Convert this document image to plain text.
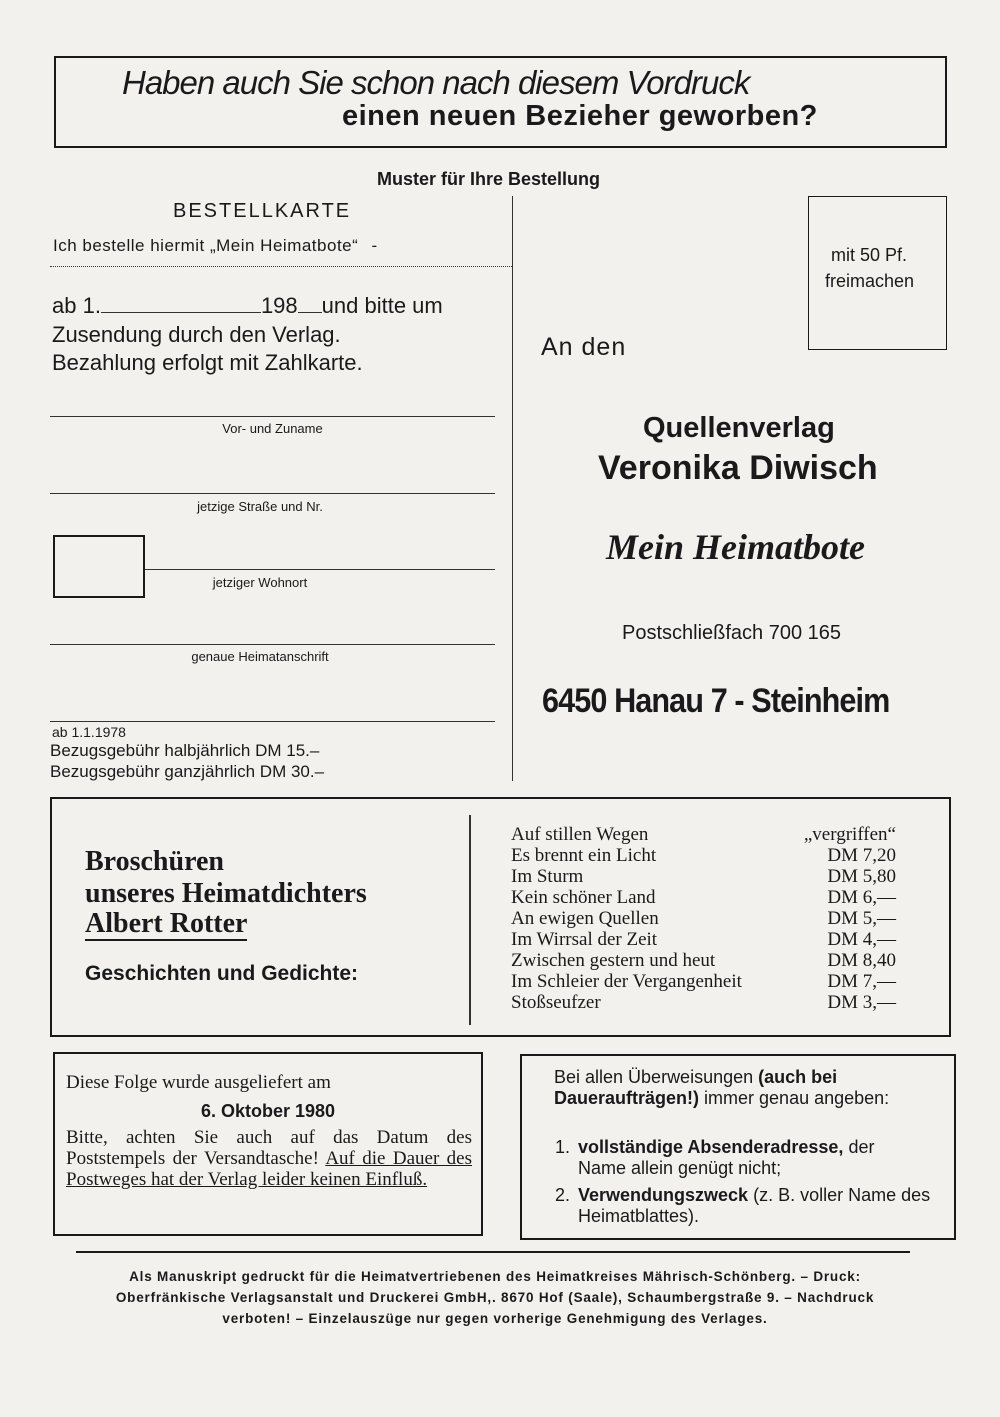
Haben auch Sie schon nach diesem Vordruck
einen neuen Bezieher geworben?
Muster für Ihre Bestellung
BESTELLKARTE
Ich bestelle hiermit „Mein Heimatbote“ -
ab 1.	198 und bitte um
Zusendung durch den Verlag.
Bezahlung erfolgt mit Zahlkarte.
Vor- und Zuname
jetzige Straße und Nr.
jetziger Wohnort
genaue Heimatanschrift
ab 1.1.1978
Bezugsgebühr halbjährlich DM 15.–
Bezugsgebühr ganzjährlich DM 30.–
mit 50 Pf.
freimachen
An den
Quellenverlag
Veronika Diwisch
Mein Heimatbote
Postschließfach 700 165
6450 Hanau 7 - Steinheim
Broschüren
unseres Heimatdichters
Albert Rotter
Geschichten und Gedichte:
Auf stillen Wegen	„vergriffen“
Es brennt ein Licht	DM 7,20
Im Sturm	DM 5,80
Kein schöner Land	DM 6,—
An ewigen Quellen	DM 5,—
Im Wirrsal der Zeit	DM 4,—
Zwischen gestern und heut	DM 8,40
Im Schleier der Vergangenheit	DM 7,—
Stoßseufzer	DM 3,—
Diese Folge wurde ausgeliefert am
6. Oktober 1980
Bitte, achten Sie auch auf das Datum des Poststempels der Versandtasche! Auf die Dauer des Postweges hat der Verlag leider keinen Einfluß.
Bei allen Überweisungen (auch bei Daueraufträgen!) immer genau angeben:
1. vollständige Absenderadresse, der Name allein genügt nicht;
2. Verwendungszweck (z. B. voller Name des Heimatblattes).
Als Manuskript gedruckt für die Heimatvertriebenen des Heimatkreises Mährisch-Schönberg. – Druck:
Oberfränkische Verlagsanstalt und Druckerei GmbH,. 8670 Hof (Saale), Schaumbergstraße 9. – Nachdruck
verboten! – Einzelauszüge nur gegen vorherige Genehmigung des Verlages.
